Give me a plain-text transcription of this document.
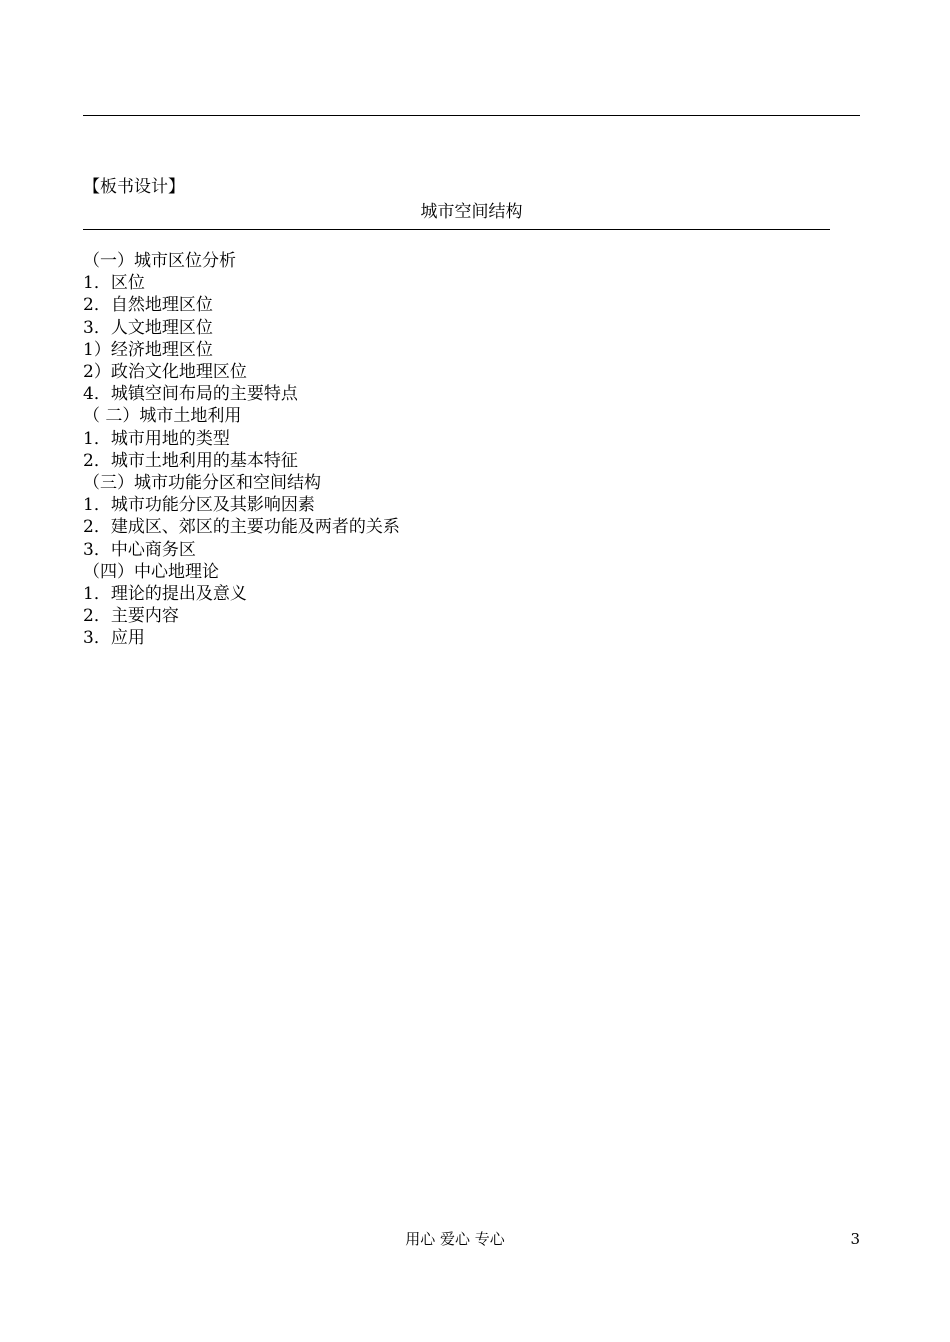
【板书设计】
城市空间结构
（一）城市区位分析
1．区位
2．自然地理区位
3．人文地理区位
1）经济地理区位
2）政治文化地理区位
4．城镇空间布局的主要特点
（ 二）城市土地利用
1．城市用地的类型
2．城市土地利用的基本特征
（三）城市功能分区和空间结构
1．城市功能分区及其影响因素
2．建成区、郊区的主要功能及两者的关系
3．中心商务区
（四）中心地理论
1．理论的提出及意义
2．主要内容
3．应用
用心 爱心 专心	3
